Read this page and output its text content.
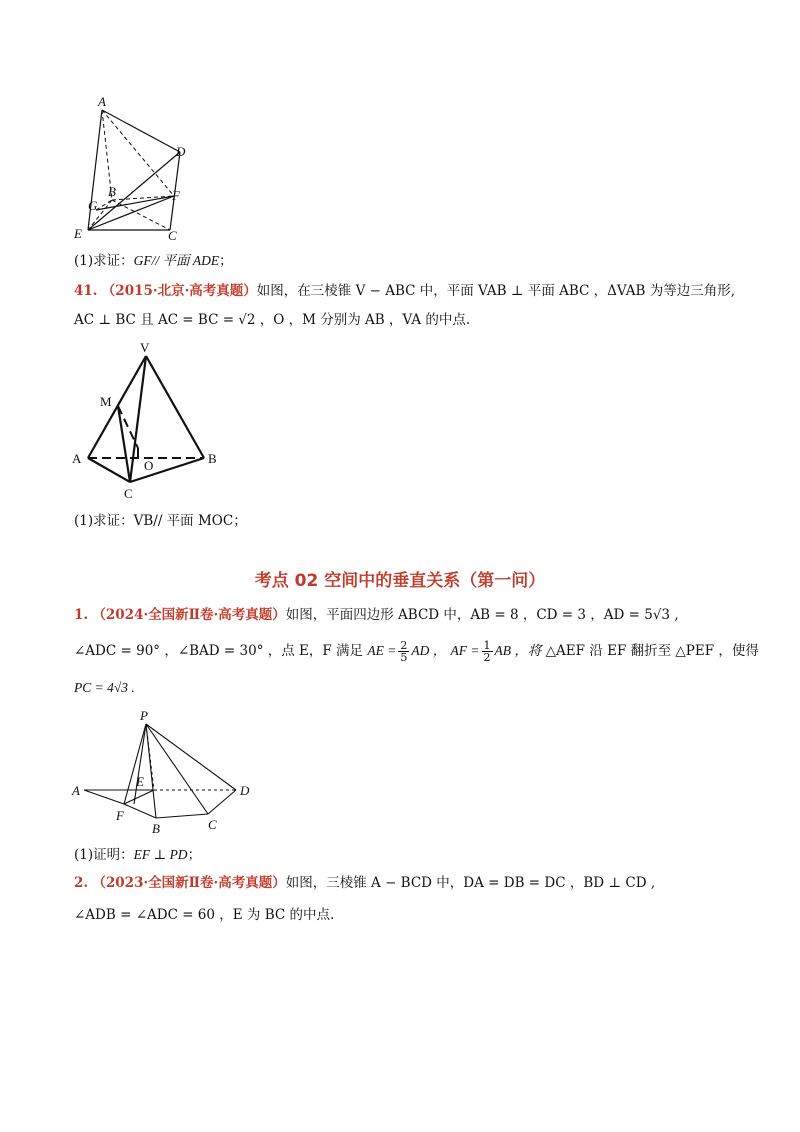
A
D
B	F
G
E	C
(1)求证：GF// 平面 ADE；
41. （2015·北京·高考真题）如图，在三棱锥 V − ABC 中，平面 VAB ⊥ 平面 ABC ，ΔVAB 为等边三角形,
AC ⊥ BC 且 AC = BC = √2 ，O ，M 分别为 AB ，VA 的中点.
V
M
A	O	B
C
(1)求证：VB// 平面 MOC；
考点 02 空间中的垂直关系（第一问）
1. （2024·全国新Ⅱ卷·高考真题）如图，平面四边形 ABCD 中，AB = 8 ，CD = 3 ，AD = 5√3 ,
∠ADC = 90° ，∠BAD = 30° ，点 E，F 满足 AE = $\frac{2}{5}$ AD ， AF = $\frac{1}{2}$ AB ，将 △AEF 沿 EF 翻折至 △PEF ，使得
PC = 4√3 .
P
A
E
D
F
B	C
(1)证明：EF ⊥ PD；
2. （2023·全国新Ⅱ卷·高考真题）如图，三棱锥 A − BCD 中，DA = DB = DC ，BD ⊥ CD ,
∠ADB = ∠ADC = 60 ，E 为 BC 的中点.
